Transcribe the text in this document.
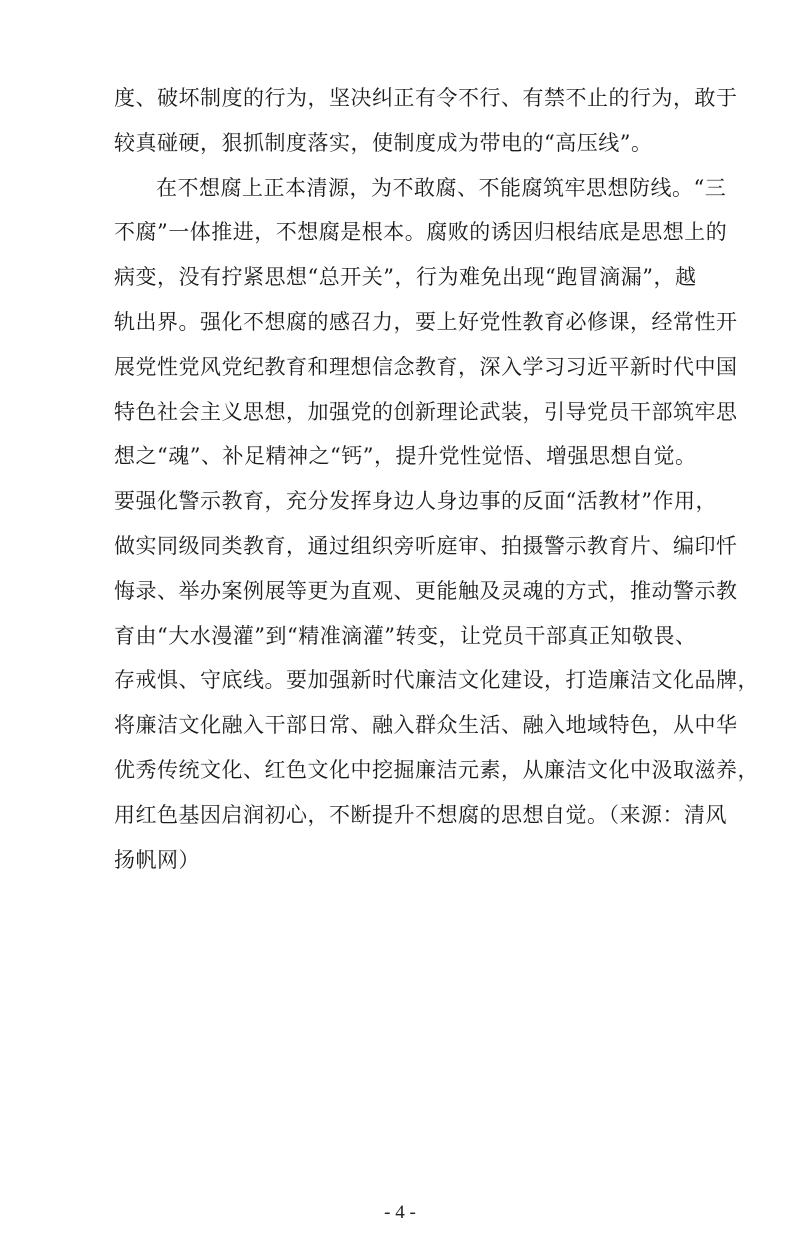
度、破坏制度的行为，坚决纠正有令不行、有禁不止的行为，敢于
较真碰硬，狠抓制度落实，使制度成为带电的“高压线”。
在不想腐上正本清源，为不敢腐、不能腐筑牢思想防线。“三
不腐”一体推进，不想腐是根本。腐败的诱因归根结底是思想上的
病变，没有拧紧思想“总开关”，行为难免出现“跑冒滴漏”，越
轨出界。强化不想腐的感召力，要上好党性教育必修课，经常性开
展党性党风党纪教育和理想信念教育，深入学习习近平新时代中国
特色社会主义思想，加强党的创新理论武装，引导党员干部筑牢思
想之“魂”、补足精神之“钙”，提升党性觉悟、增强思想自觉。
要强化警示教育，充分发挥身边人身边事的反面“活教材”作用，
做实同级同类教育，通过组织旁听庭审、拍摄警示教育片、编印忏
悔录、举办案例展等更为直观、更能触及灵魂的方式，推动警示教
育由“大水漫灌”到“精准滴灌”转变，让党员干部真正知敬畏、
存戒惧、守底线。要加强新时代廉洁文化建设，打造廉洁文化品牌，
将廉洁文化融入干部日常、融入群众生活、融入地域特色，从中华
优秀传统文化、红色文化中挖掘廉洁元素，从廉洁文化中汲取滋养，
用红色基因启润初心，不断提升不想腐的思想自觉。（来源：清风
扬帆网）
- 4 -
